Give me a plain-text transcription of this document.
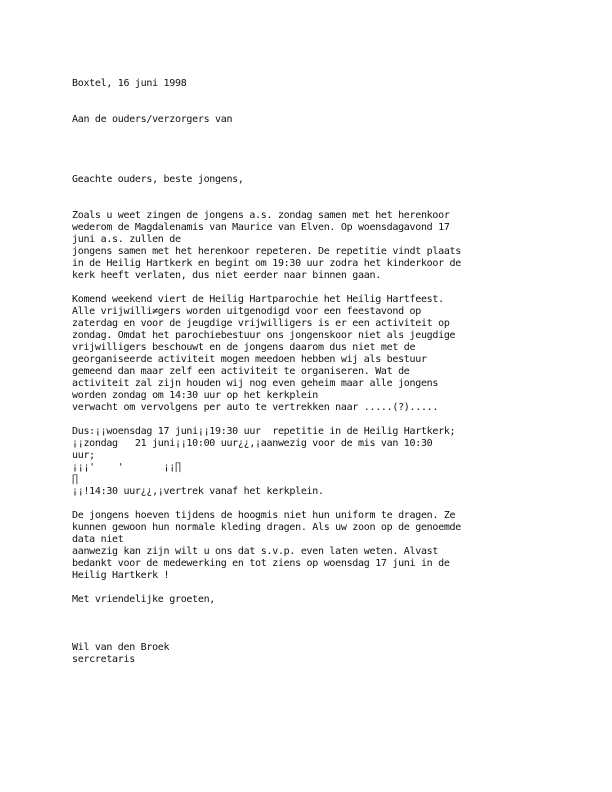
Boxtel, 16 juni 1998
Aan de ouders/verzorgers van
Geachte ouders, beste jongens,
Zoals u weet zingen de jongens a.s. zondag samen met het herenkoor
wederom de Magdalenamis van Maurice van Elven. Op woensdagavond 17
juni a.s. zullen de
jongens samen met het herenkoor repeteren. De repetitie vindt plaats
in de Heilig Hartkerk en begint om 19:30 uur zodra het kinderkoor de
kerk heeft verlaten, dus niet eerder naar binnen gaan.
Komend weekend viert de Heilig Hartparochie het Heilig Hartfeest.
Alle vrijwilli≠gers worden uitgenodigd voor een feestavond op
zaterdag en voor de jeugdige vrijwilligers is er een activiteit op
zondag. Omdat het parochiebestuur ons jongenskoor niet als jeugdige
vrijwilligers beschouwt en de jongens daarom dus niet met de
georganiseerde activiteit mogen meedoen hebben wij als bestuur
gemeend dan maar zelf een activiteit te organiseren. Wat de
activiteit zal zijn houden wij nog even geheim maar alle jongens
worden zondag om 14:30 uur op het kerkplein
verwacht om vervolgens per auto te vertrekken naar .....(?).....
Dus:¡¡woensdag 17 juni¡¡19:30 uur  repetitie in de Heilig Hartkerk;
¡¡zondag   21 juni¡¡10:00 uur¿¿,¡aanwezig voor de mis van 10:30
uur;
¡¡¡'    '       ¡¡∏
∏
¡¡!14:30 uur¿¿,¡vertrek vanaf het kerkplein.
De jongens hoeven tijdens de hoogmis niet hun uniform te dragen. Ze
kunnen gewoon hun normale kleding dragen. Als uw zoon op de genoemde
data niet
aanwezig kan zijn wilt u ons dat s.v.p. even laten weten. Alvast
bedankt voor de medewerking en tot ziens op woensdag 17 juni in de
Heilig Hartkerk !
Met vriendelijke groeten,
Wil van den Broek
sercretaris
